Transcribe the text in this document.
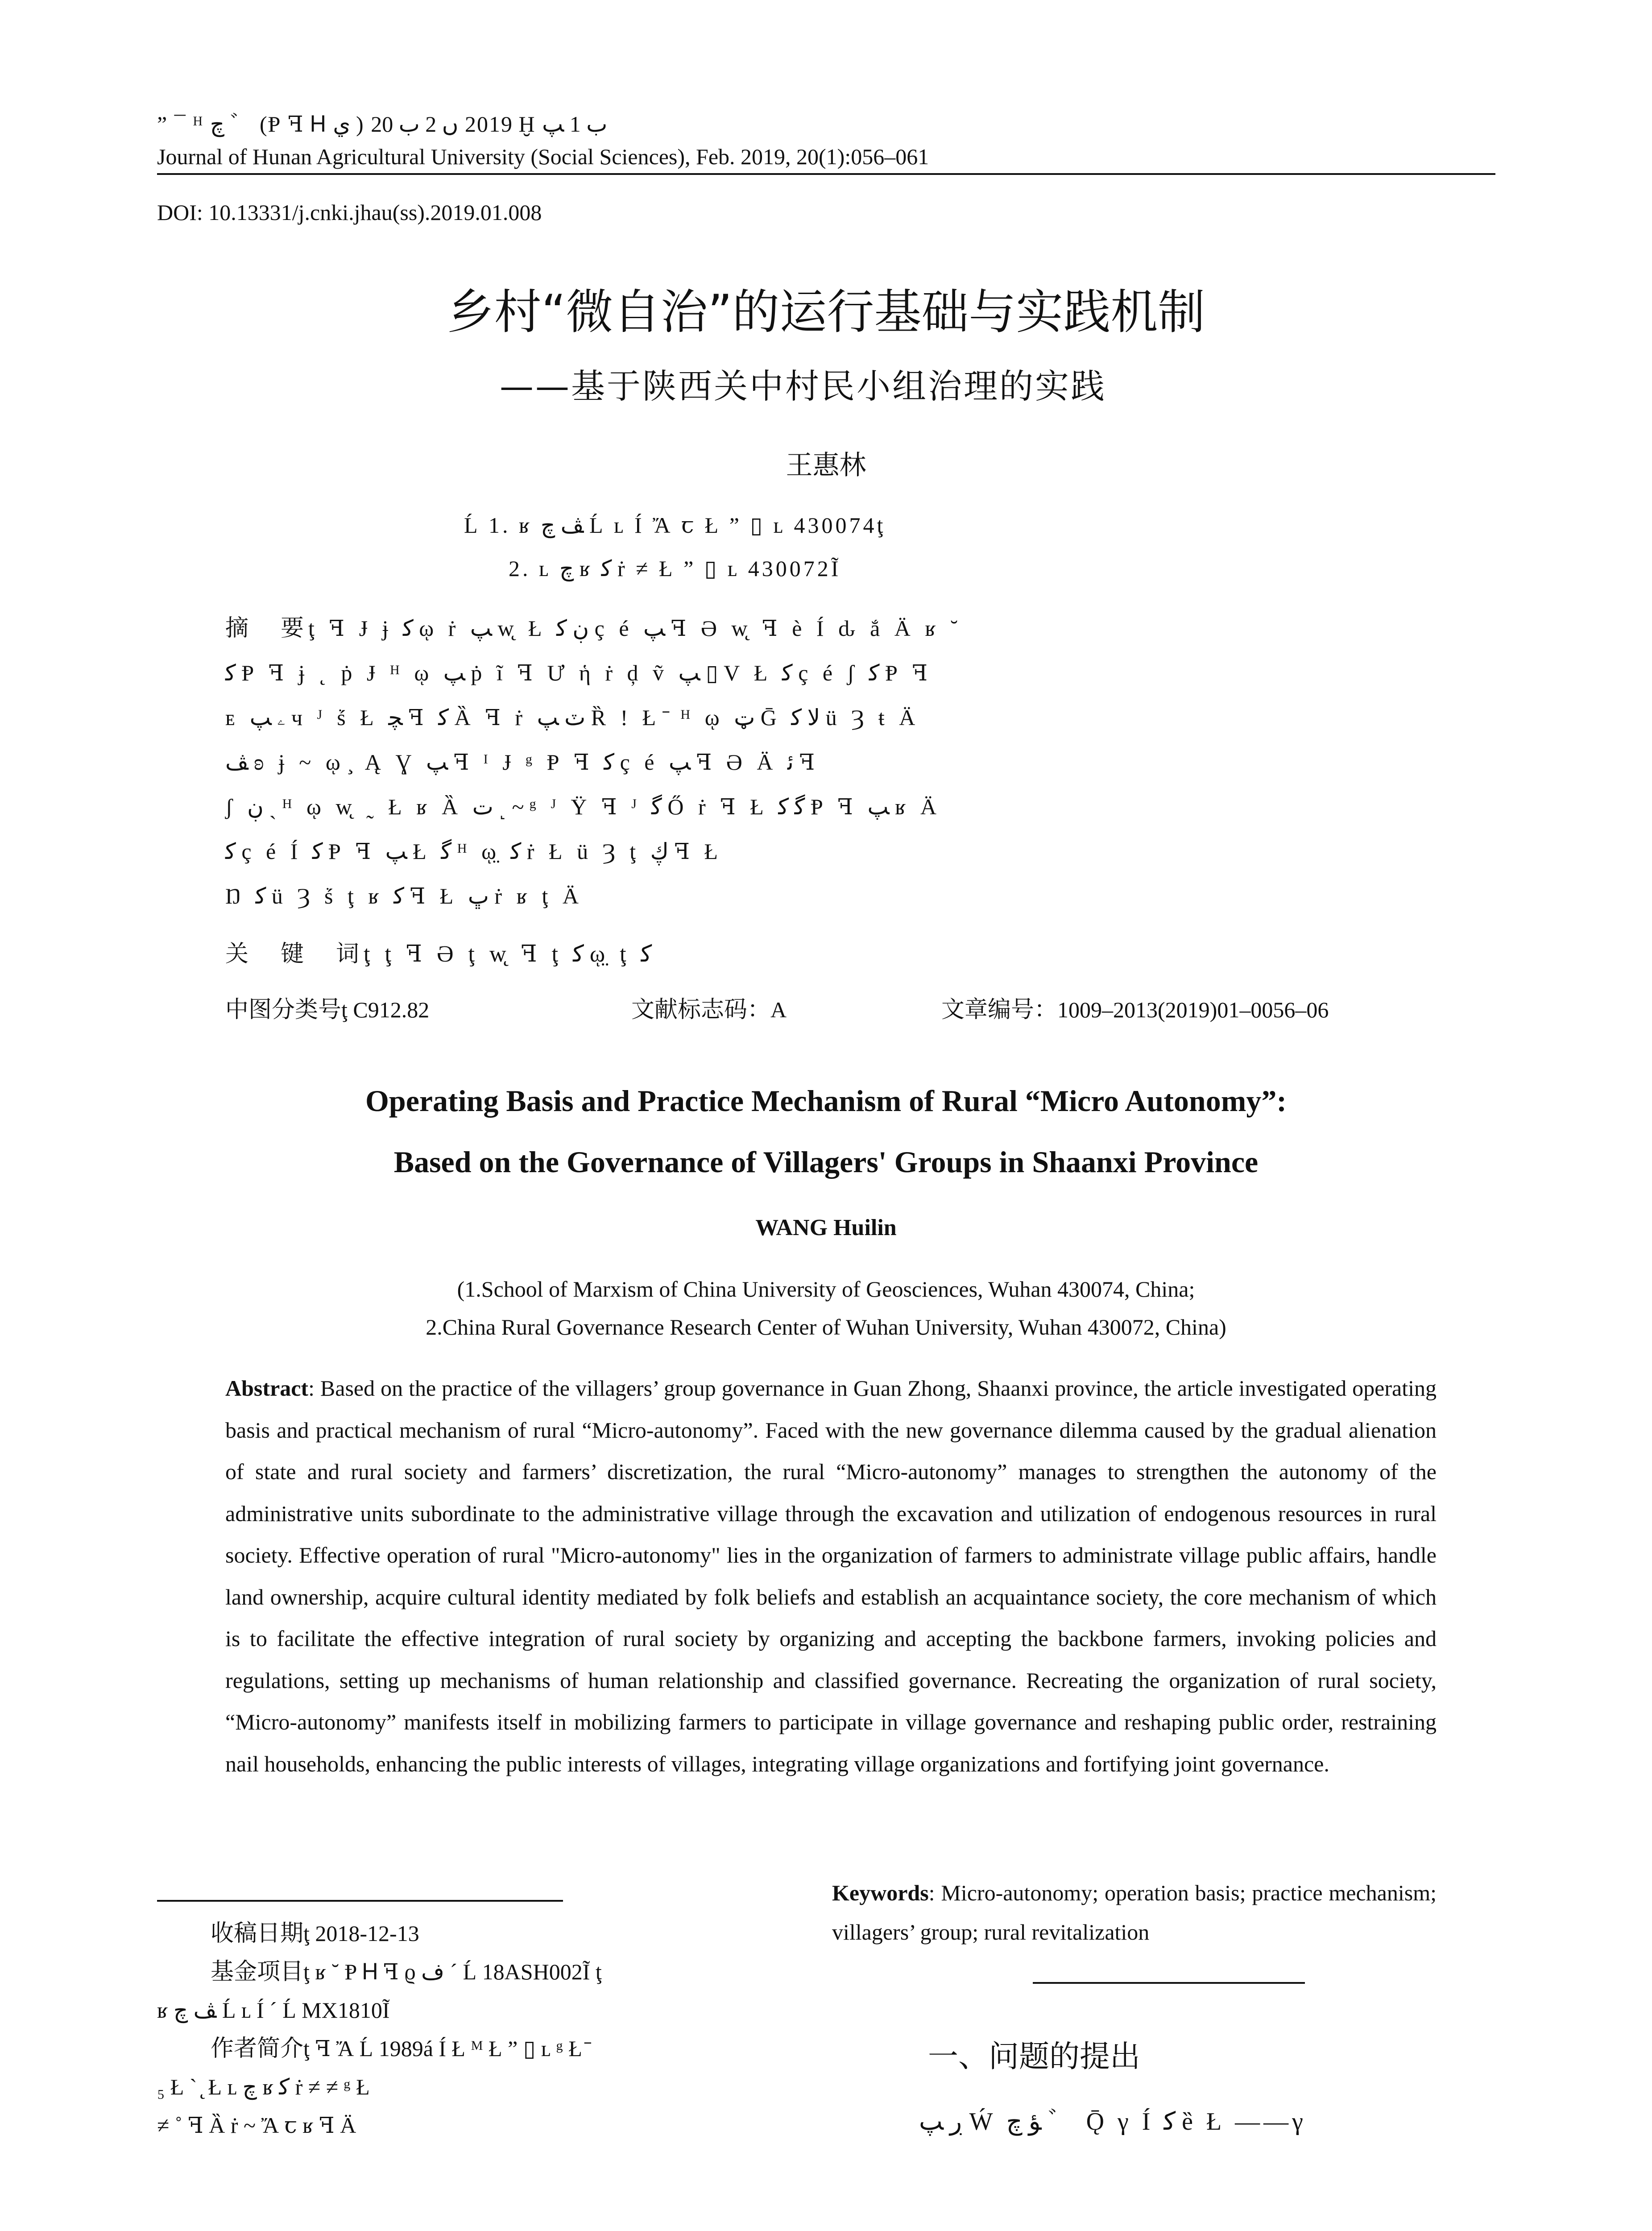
” ¯ ᴴ ﭺ ゛ (Ᵽ ꟻ Ꮋ ي ) 2019 ں 2 ب 20 Ḫ ب 1 ﭗ
Journal of Hunan Agricultural University (Social Sciences), Feb. 2019, 20(1):056–061
DOI: 10.13331/j.cnki.jhau(ss).2019.01.008
乡村“微自治”的运行基础与实践机制
——基于陕西关中村民小组治理的实践
王惠林
Ĺ 1. ʁ ﭫ ﭺ Ĺ ʟ Í Ἄ ꞇ Ł ” ▯ ʟ 430074ţ
2. ʟ ﭺ ʁ ﮐ ṙ ≠ Ł ” ▯ ʟ 430072Ĩ
摘　要ţ ꟻ Ɉ ɉ ﮐ ῳ ṙ ﭗ w̨ Ł ڹ ﮐ ç é ﭗ ꟻ Ə w̨ ꟻ è Í ԃ ắ Ä ʁ ˘
ﮐ Ᵽ ꟻ ɉ ˛ ṗ Ɉ ᴴ ῳ ﭗ ṗ ĩ ꟻ Ư ἡ ṙ ḑ ṽ ﭗ ▯ V Ł ﮐ ç é ʃ ﮐ Ᵽ ꟻ
ᴇ ۦ ﭗ ч ᴶ ṥ Ł ﭽ ꟻ ﮐ Ȁ ꟻ ṙ ٽ ﭗ Ȑ ! Ł ̄ ᴴ ῳ ټ Ḡ ﻻ ﮐ ü Ȝ ŧ Ä
ﭫ ʚ ɉ ~ ῳ ̧ Ą Ɣ ﭗ ꟻ ᴵ Ɉ ᵍ Ᵽ ꟻ ﮐ ç é ﭗ ꟻ Ə Ä ﺋ ꟻ
ʃ ڹ ˎ ᴴ ῳ w̨ ˷ Ł ʁ Ȁ ﺕ ˻ ~ ᵍ ᴶ Ÿ ꟻ ᴶ ﮔ Ő ṙ ꟻ Ł ﮔ ﮐ Ᵽ ꟻ ﭗ ʁ Ä
ﮐ ç é Í ﮐ Ᵽ ꟻ ﭗ Ł ﮔ ᴴ ῳ̤ ﮐ ṙ Ł ü Ȝ ţ ڮ ꟻ Ł
Ŋ ﮐ ü Ȝ ṥ ţ ʁ ﮐ ꟻ Ł ڀ ṙ ʁ ţ Ä
关　键　词ţ ţ ꟻ Ə ţ w̨ ꟻ ţ ﮐ ῳ̤ ţ ﮐ
中图分类号ţ C912.82	文献标志码：A	文章编号：1009–2013(2019)01–0056–06
Operating Basis and Practice Mechanism of Rural “Micro Autonomy”:
Based on the Governance of Villagers' Groups in Shaanxi Province
WANG Huilin
(1.School of Marxism of China University of Geosciences, Wuhan 430074, China;
2.China Rural Governance Research Center of Wuhan University, Wuhan 430072, China)
Abstract: Based on the practice of the villagers’ group governance in Guan Zhong, Shaanxi province, the article investigated operating basis and practical mechanism of rural “Micro-autonomy”. Faced with the new governance dilemma caused by the gradual alienation of state and rural society and farmers’ discretization, the rural “Micro-autonomy” manages to strengthen the autonomy of the administrative units subordinate to the administrative village through the excavation and utilization of endogenous resources in rural society. Effective operation of rural "Micro-autonomy" lies in the organization of farmers to administrate village public affairs, handle land ownership, acquire cultural identity mediated by folk beliefs and establish an acquaintance society, the core mechanism of which is to facilitate the effective integration of rural society by organizing and accepting the backbone farmers, invoking policies and regulations, setting up mechanisms of human relationship and classified governance. Recreating the organization of rural society, “Micro-autonomy” manifests itself in mobilizing farmers to participate in village governance and reshaping public order, restraining nail households, enhancing the public interests of villages, integrating village organizations and fortifying joint governance.
Keywords: Micro-autonomy; operation basis; practice mechanism; villagers’ group; rural revitalization
收稿日期ţ 2018-12-13
基金项目ţ ʁ ˘ Ᵽ Ꮋ ꟻ ϱ ﻑ ˊ Ĺ 18ASH002Ĩ ţ
ʁ ﭫ ﭺ Ĺ ʟ Í ˊ Ĺ MX1810Ĩ
作者简介ţ ꟻ Ἄ Ĺ 1989á Í Ł ᴹ Ł ” ▯ ʟ ᵍ Ł ̄
₅ Ł ` ̨ Ł ʟ ﭺ ʁ ﮐ ṙ ≠ ≠ ᵍ Ł
≠ ˚ ꟻ Ȁ ṙ ~ Ἄ ꞇ ʁ ꟻ Ä
一、问题的提出
ڔ ﭗ Ẃ ﺆ ﭺ ゛ Ǭ γ Í ﮐ ȅ Ł ——γ
